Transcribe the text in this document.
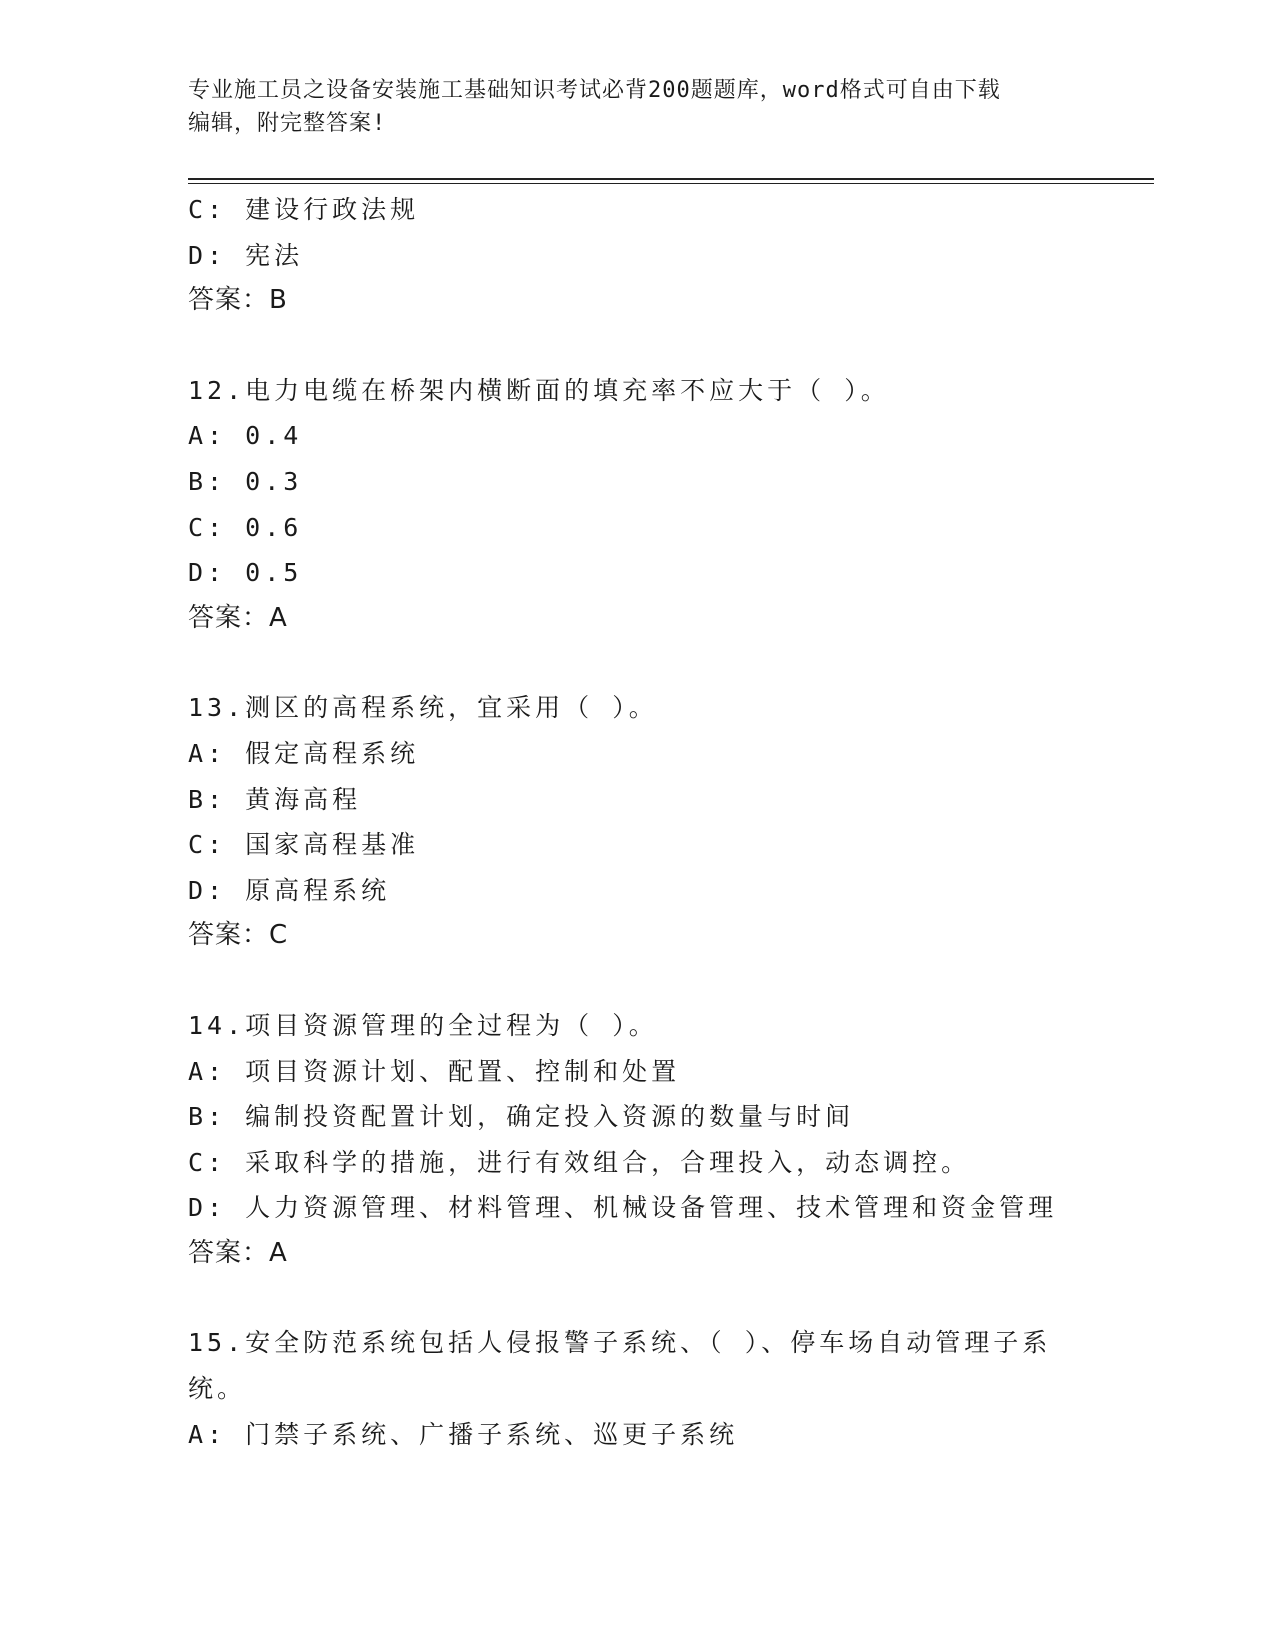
专业施工员之设备安装施工基础知识考试必背200题题库，word格式可自由下载
编辑，附完整答案!
C: 建设行政法规
D: 宪法
答案：B
12.电力电缆在桥架内横断面的填充率不应大于（ ）。
A: 0.4
B: 0.3
C: 0.6
D: 0.5
答案：A
13.测区的高程系统，宜采用（ ）。
A: 假定高程系统
B: 黄海高程
C: 国家高程基准
D: 原高程系统
答案：C
14.项目资源管理的全过程为（ ）。
A: 项目资源计划、配置、控制和处置
B: 编制投资配置计划，确定投入资源的数量与时间
C: 采取科学的措施，进行有效组合，合理投入，动态调控。
D: 人力资源管理、材料管理、机械设备管理、技术管理和资金管理
答案：A
15.安全防范系统包括人侵报警子系统、（ ）、停车场自动管理子系
统。
A: 门禁子系统、广播子系统、巡更子系统
